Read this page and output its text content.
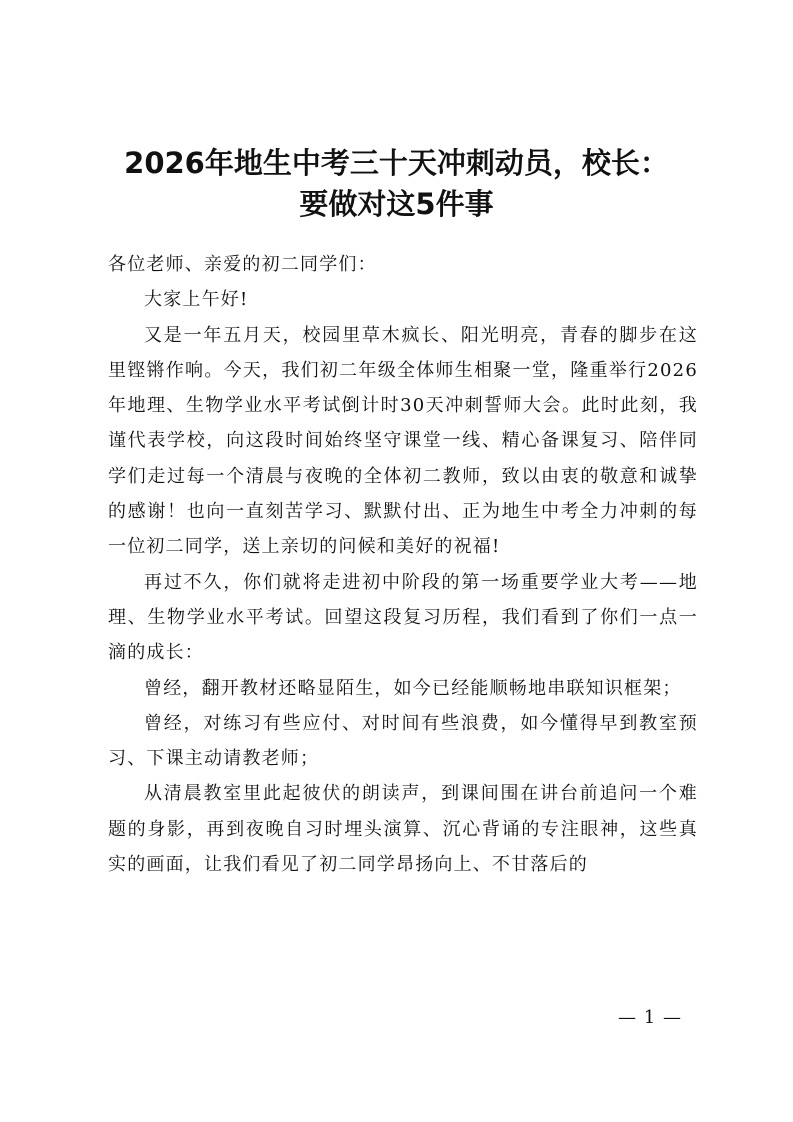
2026年地生中考三十天冲刺动员，校长：
要做对这5件事

各位老师、亲爱的初二同学们：

大家上午好!

又是一年五月天，校园里草木疯长、阳光明亮，青春的脚步在这里铿锵作响。今天，我们初二年级全体师生相聚一堂，隆重举行2026年地理、生物学业水平考试倒计时30天冲刺誓师大会。此时此刻，我谨代表学校，向这段时间始终坚守课堂一线、精心备课复习、陪伴同学们走过每一个清晨与夜晚的全体初二教师，致以由衷的敬意和诚挚的感谢！也向一直刻苦学习、默默付出、正为地生中考全力冲刺的每一位初二同学，送上亲切的问候和美好的祝福!

再过不久，你们就将走进初中阶段的第一场重要学业大考——地理、生物学业水平考试。回望这段复习历程，我们看到了你们一点一滴的成长：

曾经，翻开教材还略显陌生，如今已经能顺畅地串联知识框架；

曾经，对练习有些应付、对时间有些浪费，如今懂得早到教室预习、下课主动请教老师；

从清晨教室里此起彼伏的朗读声，到课间围在讲台前追问一个难题的身影，再到夜晚自习时埋头演算、沉心背诵的专注眼神，这些真实的画面，让我们看见了初二同学昂扬向上、不甘落后的

— 1 —
